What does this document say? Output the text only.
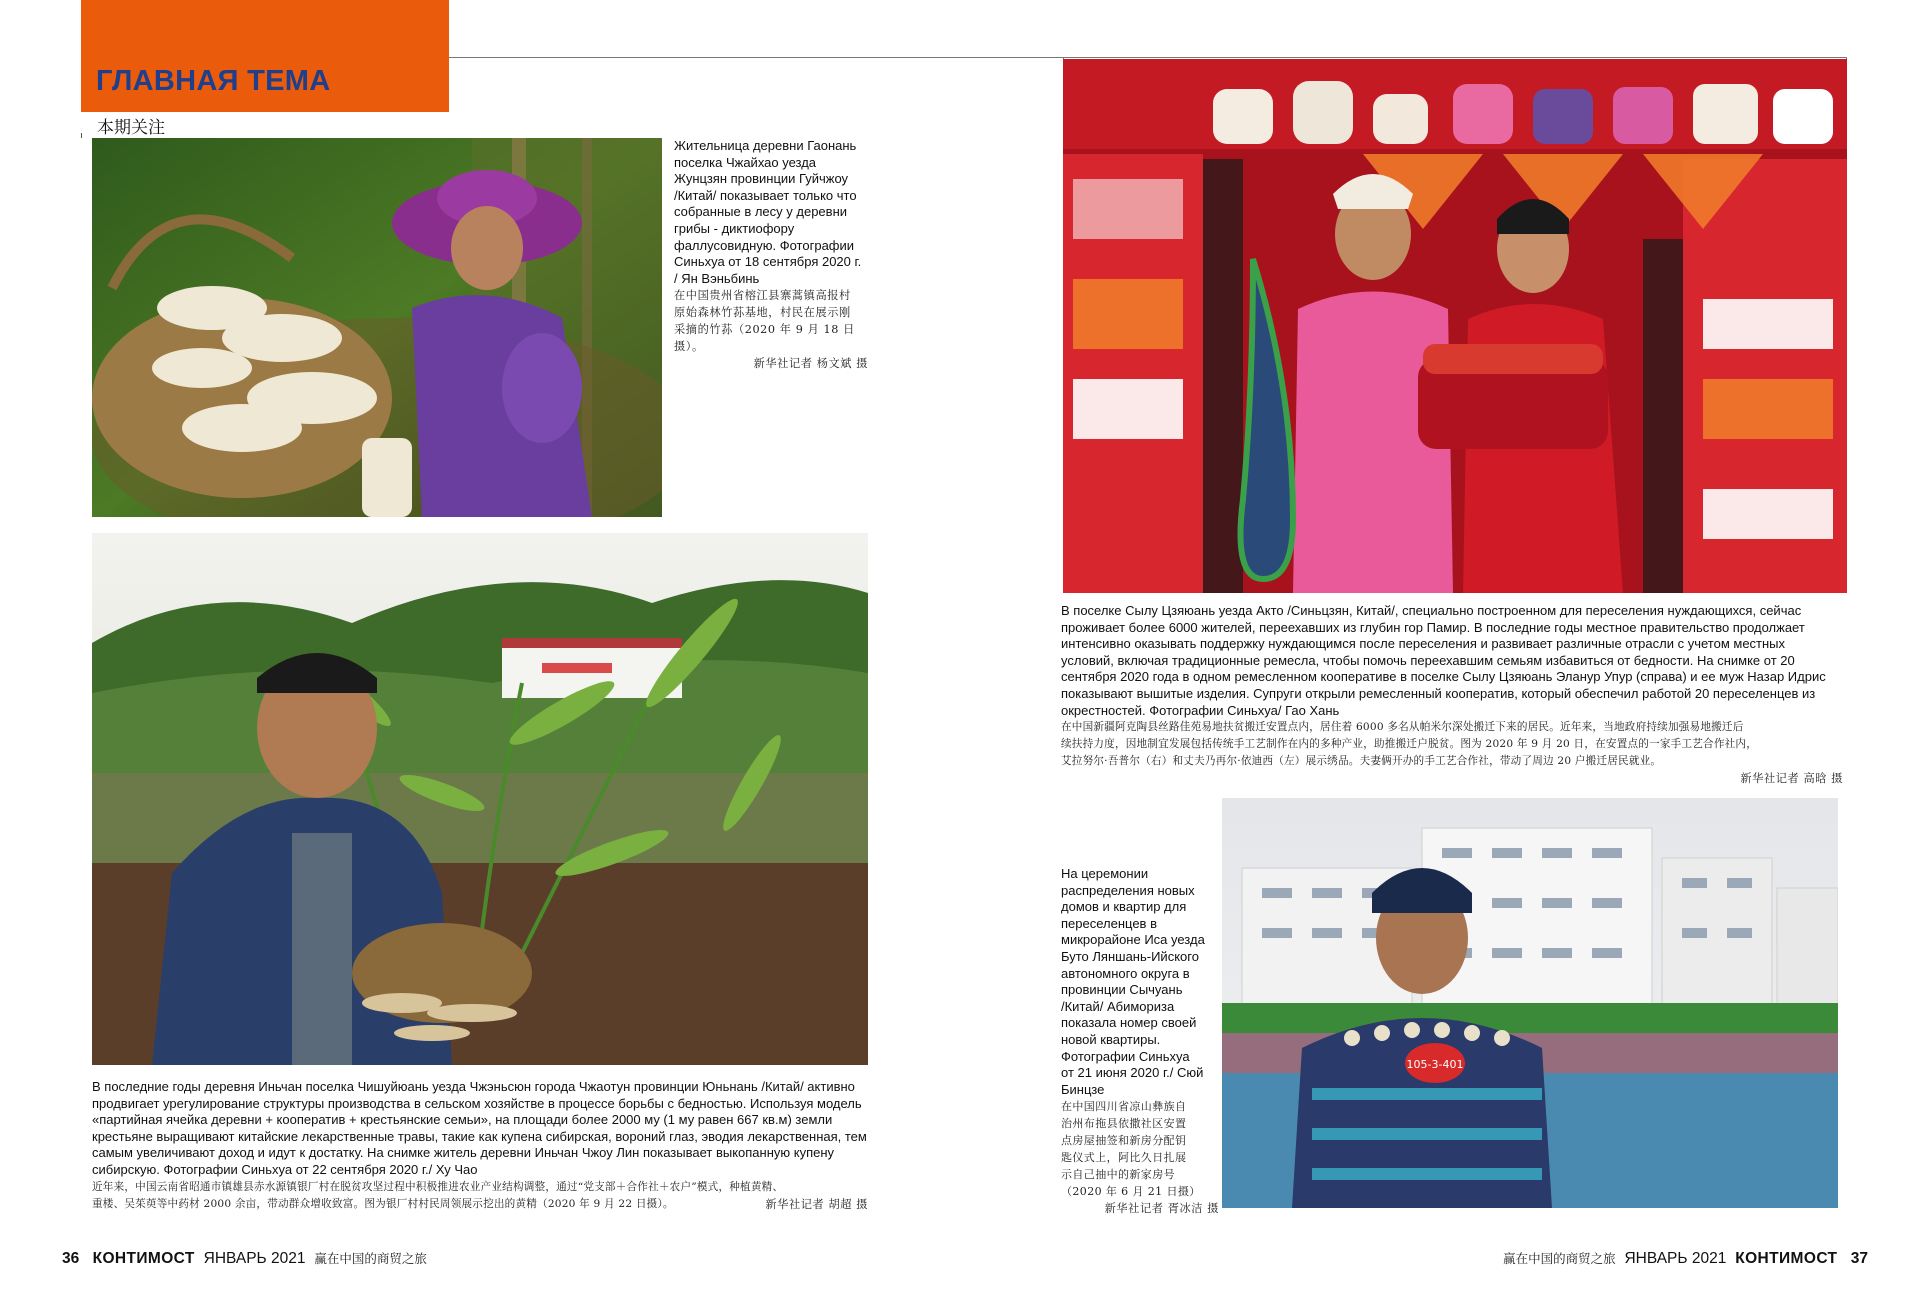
ГЛАВНАЯ ТЕМА
本期关注
Жительница деревни Гаонань
поселка Чжайхао уезда
Жунцзян провинции Гуйчжоу
/Китай/ показывает только что
собранные в лесу у деревни
грибы - диктиофору
фаллусовидную. Фотографии
Синьхуа от 18 сентября 2020 г.
/ Ян Вэньбинь
在中国贵州省榕江县寨蒿镇高报村
原始森林竹荪基地，村民在展示刚
采摘的竹荪（2020 年 9 月 18 日摄）。
新华社记者 杨文斌 摄
В последние годы деревня Иньчан поселка Чишуйюань уезда Чжэньсюн города Чжаотун провинции Юньнань /Китай/ активно
продвигает урегулирование структуры производства в сельском хозяйстве в процессе борьбы с бедностью. Используя модель
«партийная ячейка деревни + кооператив + крестьянские семьи», на площади более 2000 му (1 му равен 667 кв.м) земли
крестьяне выращивают китайские лекарственные травы, такие как купена сибирская, вороний глаз, эводия лекарственная, тем
самым увеличивают доход и идут к достатку. На снимке житель деревни Иньчан Чжоу Лин показывает выкопанную купену
сибирскую. Фотографии Синьхуа от 22 сентября 2020 г./ Ху Чао
近年来，中国云南省昭通市镇雄县赤水源镇银厂村在脱贫攻坚过程中积极推进农业产业结构调整，通过“党支部＋合作社＋农户”模式，种植黄精、
重楼、吴茱萸等中药材 2000 余亩，带动群众增收致富。图为银厂村村民周领展示挖出的黄精（2020 年 9 月 22 日摄）。	新华社记者 胡超 摄
В поселке Сылу Цзяюань уезда Акто /Синьцзян, Китай/, специально построенном для переселения нуждающихся, сейчас
проживает более 6000 жителей, переехавших из глубин гор Памир. В последние годы местное правительство продолжает
интенсивно оказывать поддержку нуждающимся после переселения и развивает различные отрасли с учетом местных
условий, включая традиционные ремесла, чтобы помочь переехавшим семьям избавиться от бедности. На снимке от 20
сентября 2020 года в одном ремесленном кооперативе в поселке Сылу Цзяюань Эланур Упур (справа) и ее муж Назар Идрис
показывают вышитые изделия. Супруги открыли ремесленный кооператив, который обеспечил работой 20 переселенцев из
окрестностей. Фотографии Синьхуа/ Гао Хань
在中国新疆阿克陶县丝路佳苑易地扶贫搬迁安置点内，居住着 6000 多名从帕米尔深处搬迁下来的居民。近年来，当地政府持续加强易地搬迁后
续扶持力度，因地制宜发展包括传统手工艺制作在内的多种产业，助推搬迁户脱贫。图为 2020 年 9 月 20 日，在安置点的一家手工艺合作社内，
艾拉努尔·吾普尔（右）和丈夫乃再尔·依迪西（左）展示绣品。夫妻俩开办的手工艺合作社，带动了周边 20 户搬迁居民就业。
新华社记者 高晗 摄
105-3-401
На церемонии
распределения новых
домов и квартир для
переселенцев в
микрорайоне Иса уезда
Буто Ляншань-Ийского
автономного округа в
провинции Сычуань
/Китай/ Абимориза
показала номер своей
новой квартиры.
Фотографии Синьхуа
от 21 июня 2020 г./ Сюй
Бинцзе
在中国四川省凉山彝族自
治州布拖县依撒社区安置
点房屋抽签和新房分配钥
匙仪式上，阿比久日扎展
示自己抽中的新家房号
（2020 年 6 月 21 日摄）
新华社记者 胥冰洁 摄
36 КОНТИМОСТ ЯНВАРЬ 2021 赢在中国的商贸之旅	赢在中国的商贸之旅 ЯНВАРЬ 2021 КОНТИМОСТ 37
